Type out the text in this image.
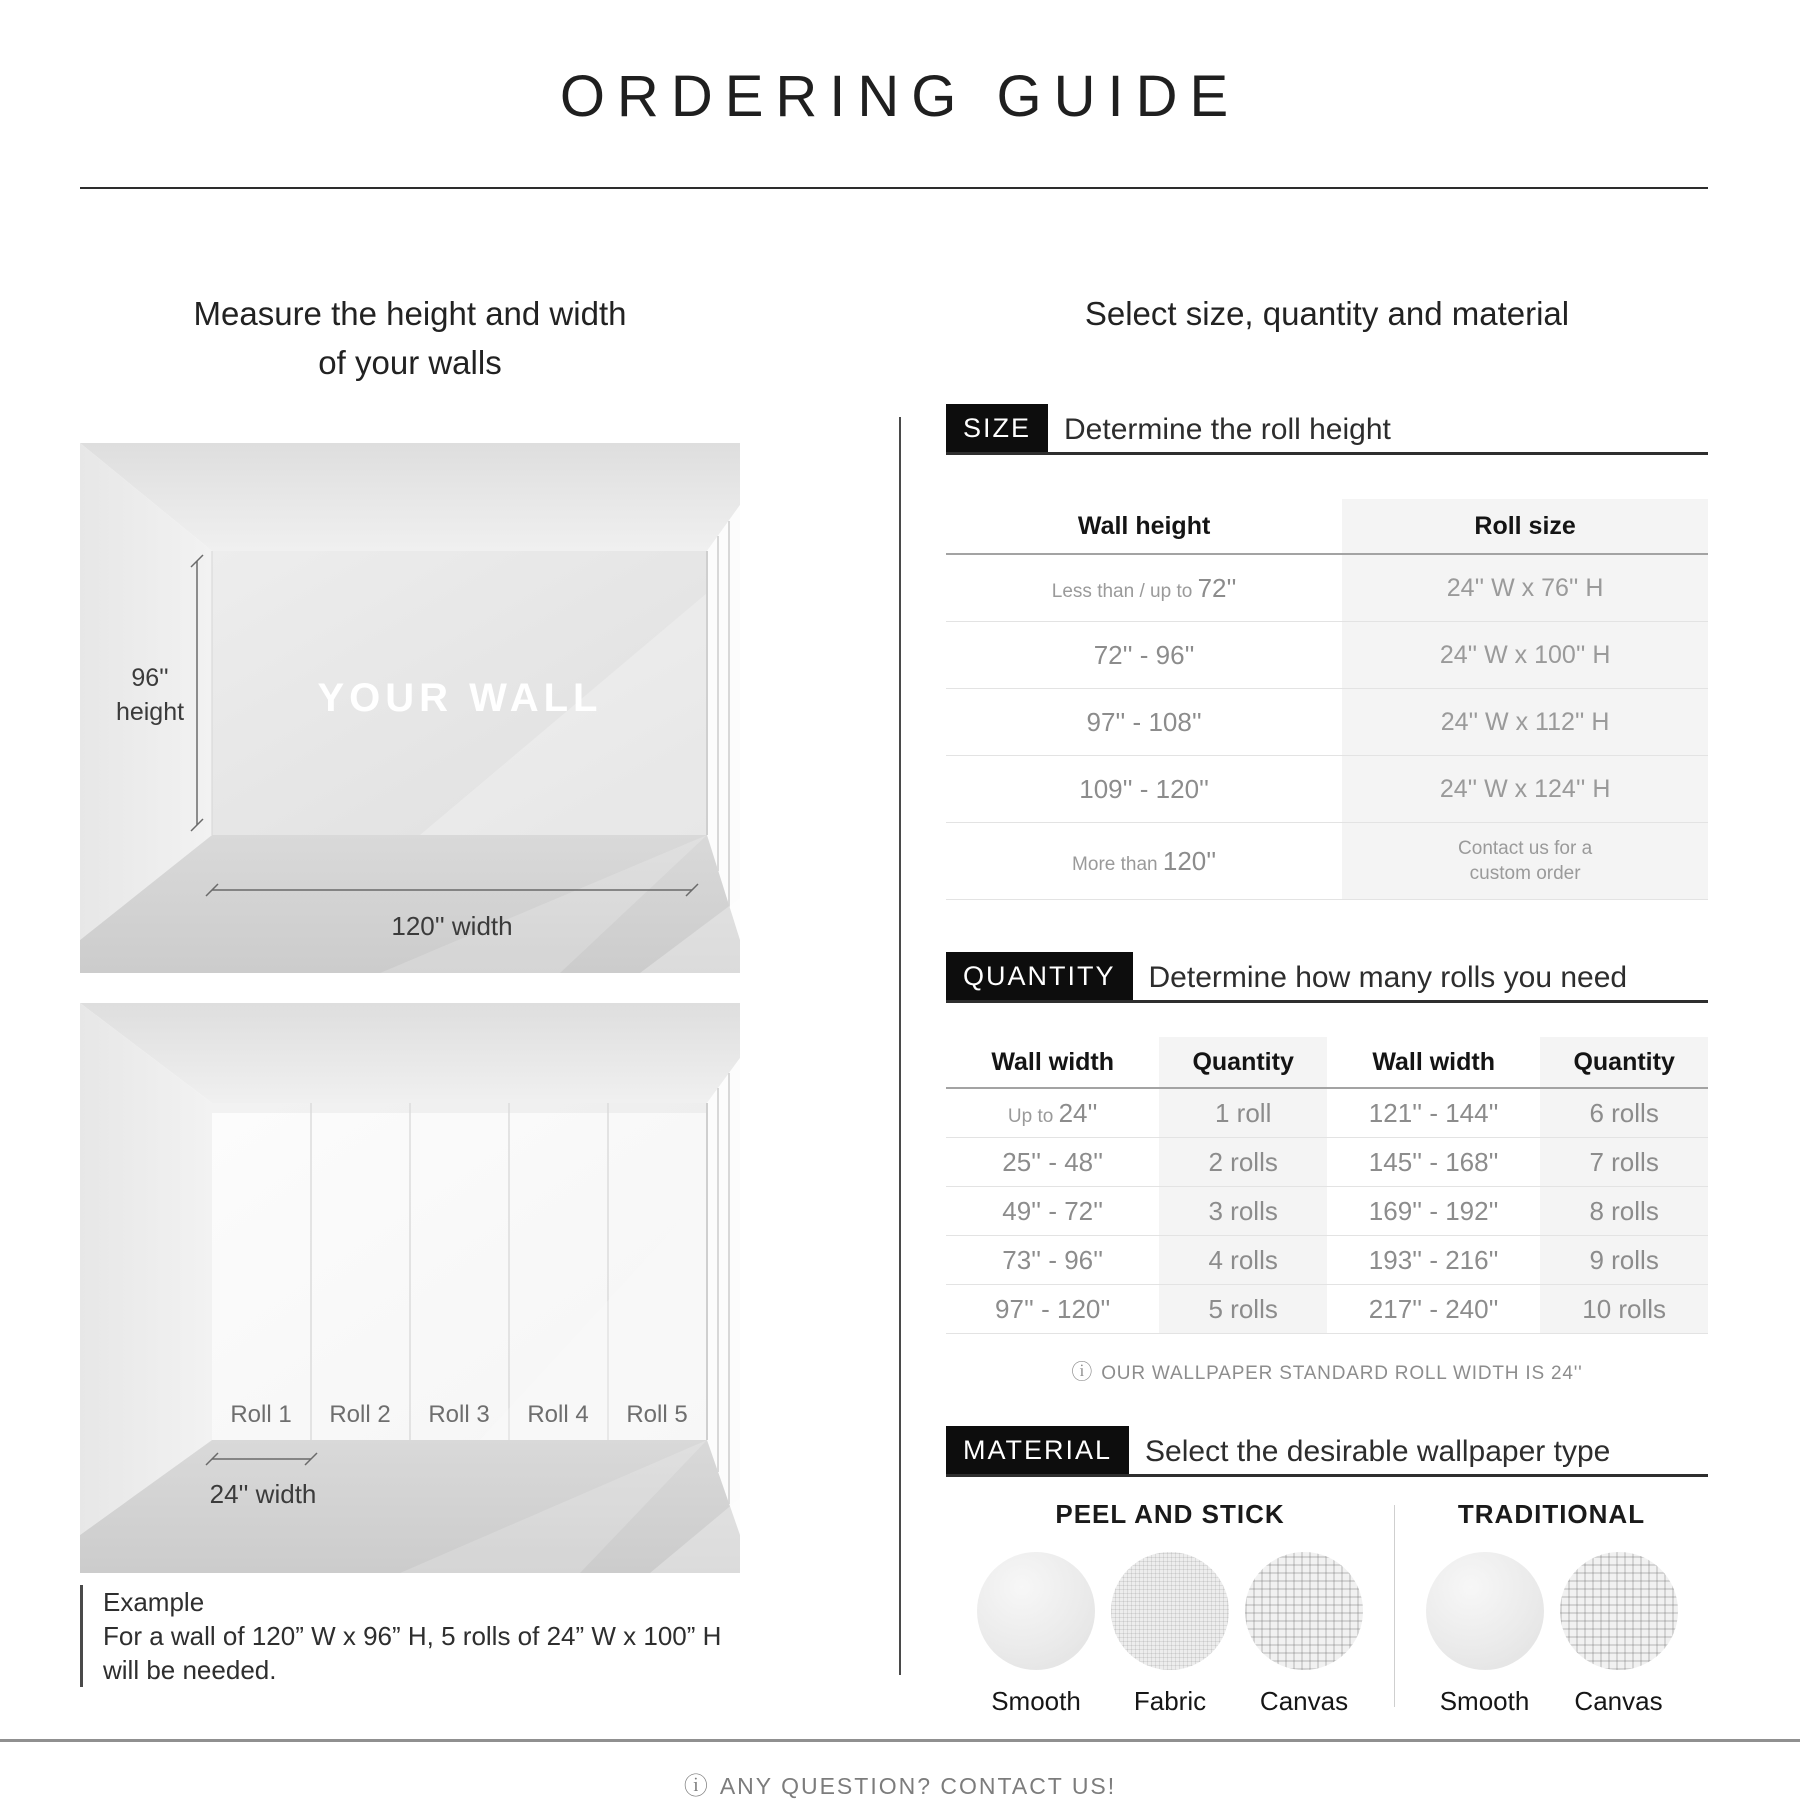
ORDERING GUIDE
Measure the height and width
of your walls
96''
height	YOUR WALL
120'' width
Roll 1 Roll 2 Roll 3 Roll 4 Roll 5
24'' width
Example
For a wall of 120” W x 96” H, 5 rolls of 24” W x 100” H
will be needed.
Select size, quantity and material
SIZE	Determine the roll height
Wall height	Roll size
Less than / up to 72''	24'' W x 76'' H
72'' - 96''	24'' W x 100'' H
97'' - 108''	24'' W x 112'' H
109'' - 120''	24'' W x 124'' H
More than 120''	Contact us for a
custom order
QUANTITY	Determine how many rolls you need
Wall width	Quantity	Wall width	Quantity
Up to 24''	1 roll	121'' - 144''	6 rolls
25'' - 48''	2 rolls	145'' - 168''	7 rolls
49'' - 72''	3 rolls	169'' - 192''	8 rolls
73'' - 96''	4 rolls	193'' - 216''	9 rolls
97'' - 120''	5 rolls	217'' - 240''	10 rolls
ⓘ OUR WALLPAPER STANDARD ROLL WIDTH IS 24''
MATERIAL	Select the desirable wallpaper type
PEEL AND STICK
Smooth Fabric Canvas
TRADITIONAL
Smooth Canvas
ⓘ ANY QUESTION? CONTACT US!
